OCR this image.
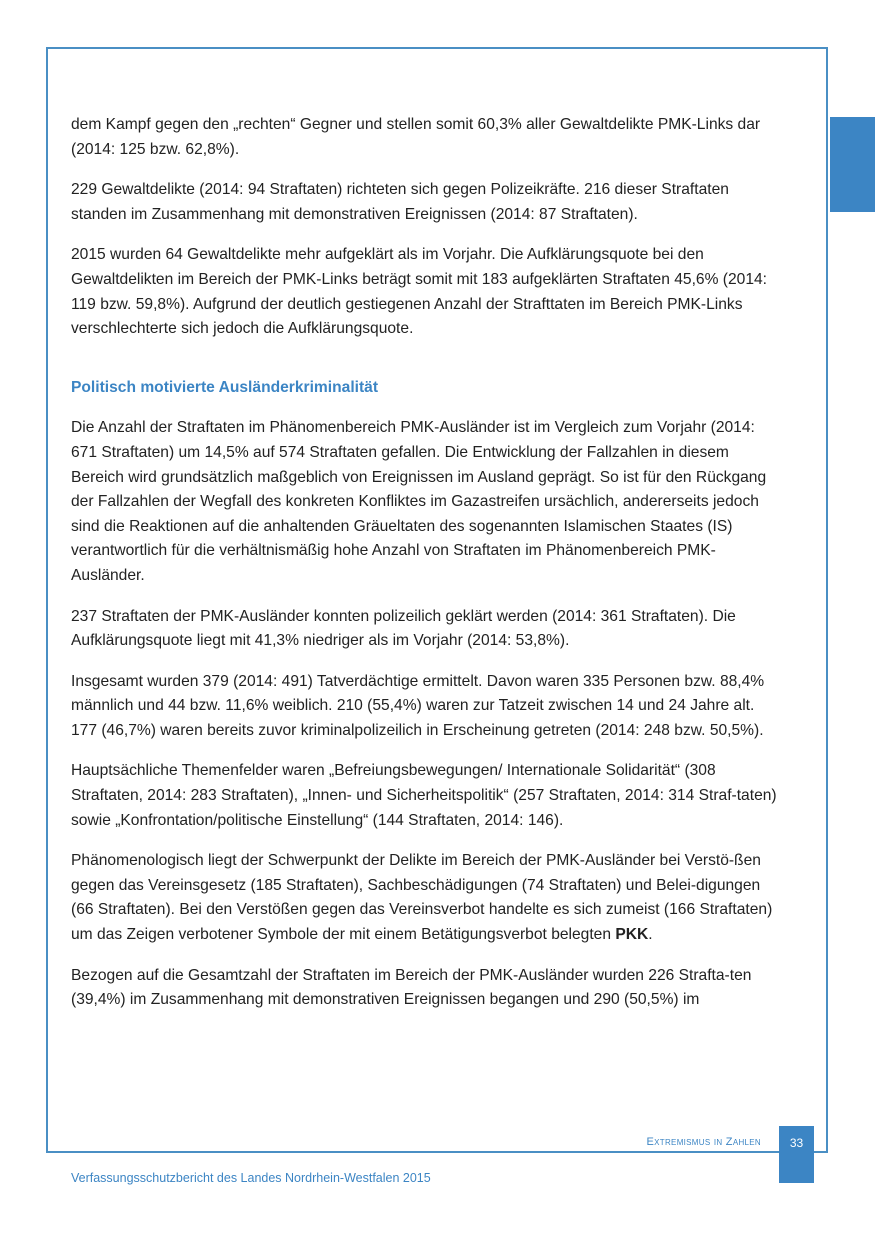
dem Kampf gegen den „rechten“ Gegner und stellen somit 60,3% aller Gewaltdelikte PMK-Links dar (2014: 125 bzw. 62,8%).

229 Gewaltdelikte (2014: 94 Straftaten) richteten sich gegen Polizeikräfte. 216 dieser Straftaten standen im Zusammenhang mit demonstrativen Ereignissen (2014: 87 Straftaten).

2015 wurden 64 Gewaltdelikte mehr aufgeklärt als im Vorjahr. Die Aufklärungsquote bei den Gewaltdelikten im Bereich der PMK-Links beträgt somit mit 183 aufgeklärten Straftaten 45,6% (2014: 119 bzw. 59,8%). Aufgrund der deutlich gestiegenen Anzahl der Strafttaten im Bereich PMK-Links verschlechterte sich jedoch die Aufklärungsquote.

Politisch motivierte Ausländerkriminalität

Die Anzahl der Straftaten im Phänomenbereich PMK-Ausländer ist im Vergleich zum Vorjahr (2014: 671 Straftaten) um 14,5% auf 574 Straftaten gefallen. Die Entwicklung der Fallzahlen in diesem Bereich wird grundsätzlich maßgeblich von Ereignissen im Ausland geprägt. So ist für den Rückgang der Fallzahlen der Wegfall des konkreten Konfliktes im Gazastreifen ursächlich, andererseits jedoch sind die Reaktionen auf die anhaltenden Gräueltaten des sogenannten Islamischen Staates (IS) verantwortlich für die verhältnismäßig hohe Anzahl von Straftaten im Phänomenbereich PMK-Ausländer.

237 Straftaten der PMK-Ausländer konnten polizeilich geklärt werden (2014: 361 Straftaten). Die Aufklärungsquote liegt mit 41,3% niedriger als im Vorjahr (2014: 53,8%).

Insgesamt wurden 379 (2014: 491) Tatverdächtige ermittelt. Davon waren 335 Personen bzw. 88,4% männlich und 44 bzw. 11,6% weiblich. 210 (55,4%) waren zur Tatzeit zwischen 14 und 24 Jahre alt. 177 (46,7%) waren bereits zuvor kriminalpolizeilich in Erscheinung getreten (2014: 248 bzw. 50,5%).

Hauptsächliche Themenfelder waren „Befreiungsbewegungen/ Internationale Solidarität“ (308 Straftaten, 2014: 283 Straftaten), „Innen- und Sicherheitspolitik“ (257 Straftaten, 2014: 314 Straf-taten) sowie „Konfrontation/politische Einstellung“ (144 Straftaten, 2014: 146).

Phänomenologisch liegt der Schwerpunkt der Delikte im Bereich der PMK-Ausländer bei Verstö-ßen gegen das Vereinsgesetz (185 Straftaten), Sachbeschädigungen (74 Straftaten) und Belei-digungen (66 Straftaten). Bei den Verstößen gegen das Vereinsverbot handelte es sich zumeist (166 Straftaten) um das Zeigen verbotener Symbole der mit einem Betätigungsverbot belegten PKK.

Bezogen auf die Gesamtzahl der Straftaten im Bereich der PMK-Ausländer wurden 226 Strafta-ten (39,4%) im Zusammenhang mit demonstrativen Ereignissen begangen und 290 (50,5%) im

Extremismus in Zahlen	33
Verfassungsschutzbericht des Landes Nordrhein-Westfalen 2015
